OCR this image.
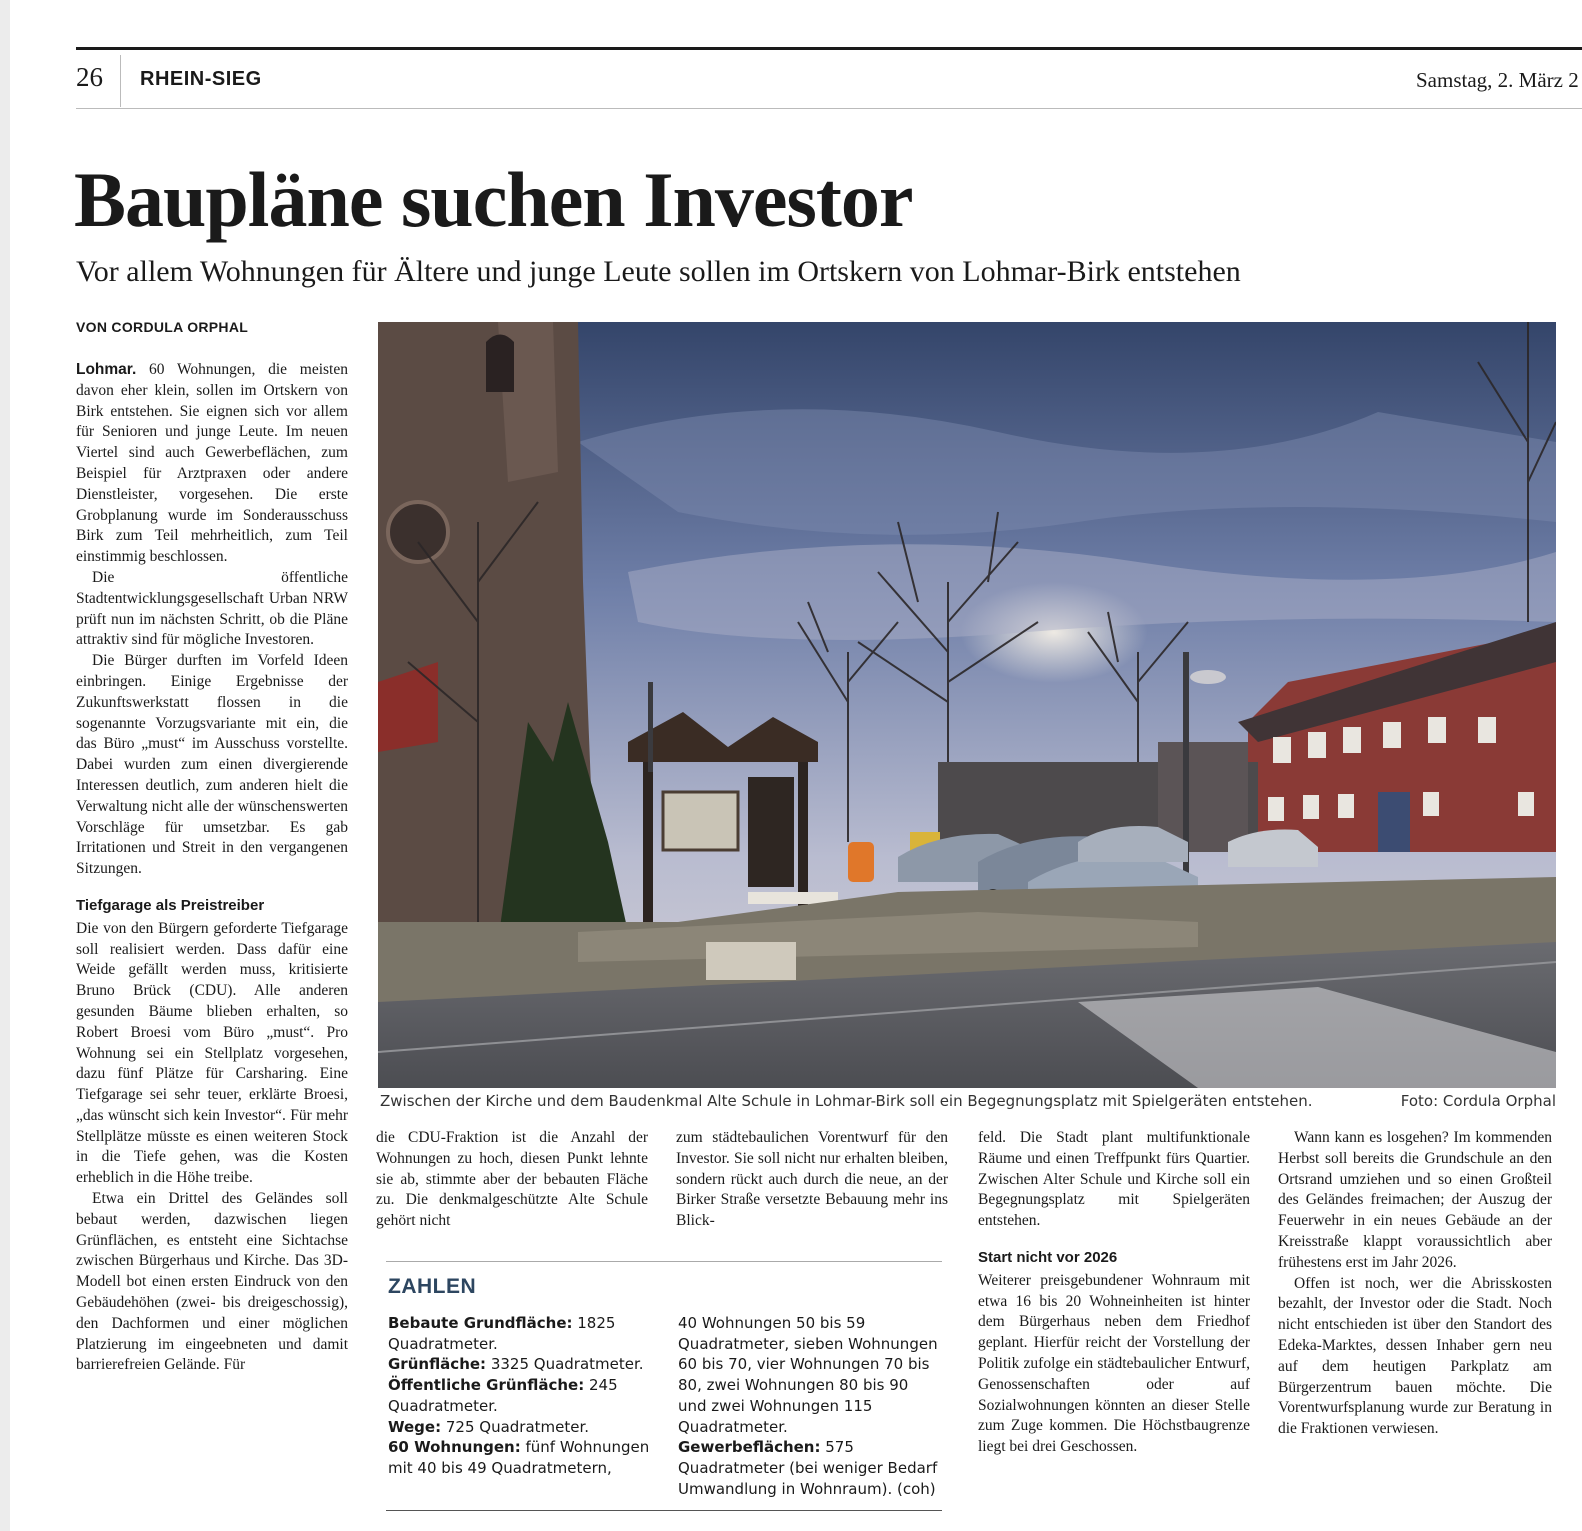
26 RHEIN-SIEG	Samstag, 2. März 2
Baupläne suchen Investor
Vor allem Wohnungen für Ältere und junge Leute sollen im Ortskern von Lohmar-Birk entstehen
VON CORDULA ORPHAL

Lohmar. 60 Wohnungen, die meisten davon eher klein, sollen im Ortskern von Birk entstehen. Sie eignen sich vor allem für Senioren und junge Leute. Im neuen Viertel sind auch Gewerbeflächen, zum Beispiel für Arztpraxen oder andere Dienstleister, vorgesehen. Die erste Grobplanung wurde im Sonderausschuss Birk zum Teil mehrheitlich, zum Teil einstimmig beschlossen.

Die öffentliche Stadtentwicklungsgesellschaft Urban NRW prüft nun im nächsten Schritt, ob die Pläne attraktiv sind für mögliche Investoren.

Die Bürger durften im Vorfeld Ideen einbringen. Einige Ergebnisse der Zukunftswerkstatt flossen in die sogenannte Vorzugsvariante mit ein, die das Büro „must“ im Ausschuss vorstellte. Dabei wurden zum einen divergierende Interessen deutlich, zum anderen hielt die Verwaltung nicht alle der wünschenswerten Vorschläge für umsetzbar. Es gab Irritationen und Streit in den vergangenen Sitzungen.

Tiefgarage als Preistreiber

Die von den Bürgern geforderte Tiefgarage soll realisiert werden. Dass dafür eine Weide gefällt werden muss, kritisierte Bruno Brück (CDU). Alle anderen gesunden Bäume blieben erhalten, so Robert Broesi vom Büro „must“. Pro Wohnung sei ein Stellplatz vorgesehen, dazu fünf Plätze für Carsharing. Eine Tiefgarage sei sehr teuer, erklärte Broesi, „das wünscht sich kein Investor“. Für mehr Stellplätze müsste es einen weiteren Stock in die Tiefe gehen, was die Kosten erheblich in die Höhe treibe.

Etwa ein Drittel des Geländes soll bebaut werden, dazwischen liegen Grünflächen, es entsteht eine Sichtachse zwischen Bürgerhaus und Kirche. Das 3D-Modell bot einen ersten Eindruck von den Gebäudehöhen (zwei- bis dreigeschossig), den Dachformen und einer möglichen Platzierung im eingeebneten und damit barrierefreien Gelände. Für

Zwischen der Kirche und dem Baudenkmal Alte Schule in Lohmar-Birk soll ein Begegnungsplatz mit Spielgeräten entstehen.	Foto: Cordula Orphal

die CDU-Fraktion ist die Anzahl der Wohnungen zu hoch, diesen Punkt lehnte sie ab, stimmte aber der bebauten Fläche zu. Die denkmalgeschützte Alte Schule gehört nicht

zum städtebaulichen Vorentwurf für den Investor. Sie soll nicht nur erhalten bleiben, sondern rückt auch durch die neue, an der Birker Straße versetzte Bebauung mehr ins Blick-

feld. Die Stadt plant multifunktionale Räume und einen Treffpunkt fürs Quartier. Zwischen Alter Schule und Kirche soll ein Begegnungsplatz mit Spielgeräten entstehen.

Start nicht vor 2026

Weiterer preisgebundener Wohnraum mit etwa 16 bis 20 Wohneinheiten ist hinter dem Bürgerhaus neben dem Friedhof geplant. Hierfür reicht der Vorstellung der Politik zufolge ein städtebaulicher Entwurf, Genossenschaften oder auf Sozialwohnungen könnten an dieser Stelle zum Zuge kommen. Die Höchstbaugrenze liegt bei drei Geschossen.

Wann kann es losgehen? Im kommenden Herbst soll bereits die Grundschule an den Ortsrand umziehen und so einen Großteil des Geländes freimachen; der Auszug der Feuerwehr in ein neues Gebäude an der Kreisstraße klappt voraussichtlich aber frühestens erst im Jahr 2026.

Offen ist noch, wer die Abrisskosten bezahlt, der Investor oder die Stadt. Noch nicht entschieden ist über den Standort des Edeka-Marktes, dessen Inhaber gern neu auf dem heutigen Parkplatz am Bürgerzentrum bauen möchte. Die Vorentwurfsplanung wurde zur Beratung in die Fraktionen verwiesen.

ZAHLEN
Bebaute Grundfläche: 1825 Quadratmeter.
Grünfläche: 3325 Quadratmeter.
Öffentliche Grünfläche: 245 Quadratmeter.
Wege: 725 Quadratmeter.
60 Wohnungen: fünf Wohnungen mit 40 bis 49 Quadratmetern,
40 Wohnungen 50 bis 59 Quadratmeter, sieben Wohnungen 60 bis 70, vier Wohnungen 70 bis 80, zwei Wohnungen 80 bis 90 und zwei Wohnungen 115 Quadratmeter.
Gewerbeflächen: 575 Quadratmeter (bei weniger Bedarf Umwandlung in Wohnraum). (coh)
